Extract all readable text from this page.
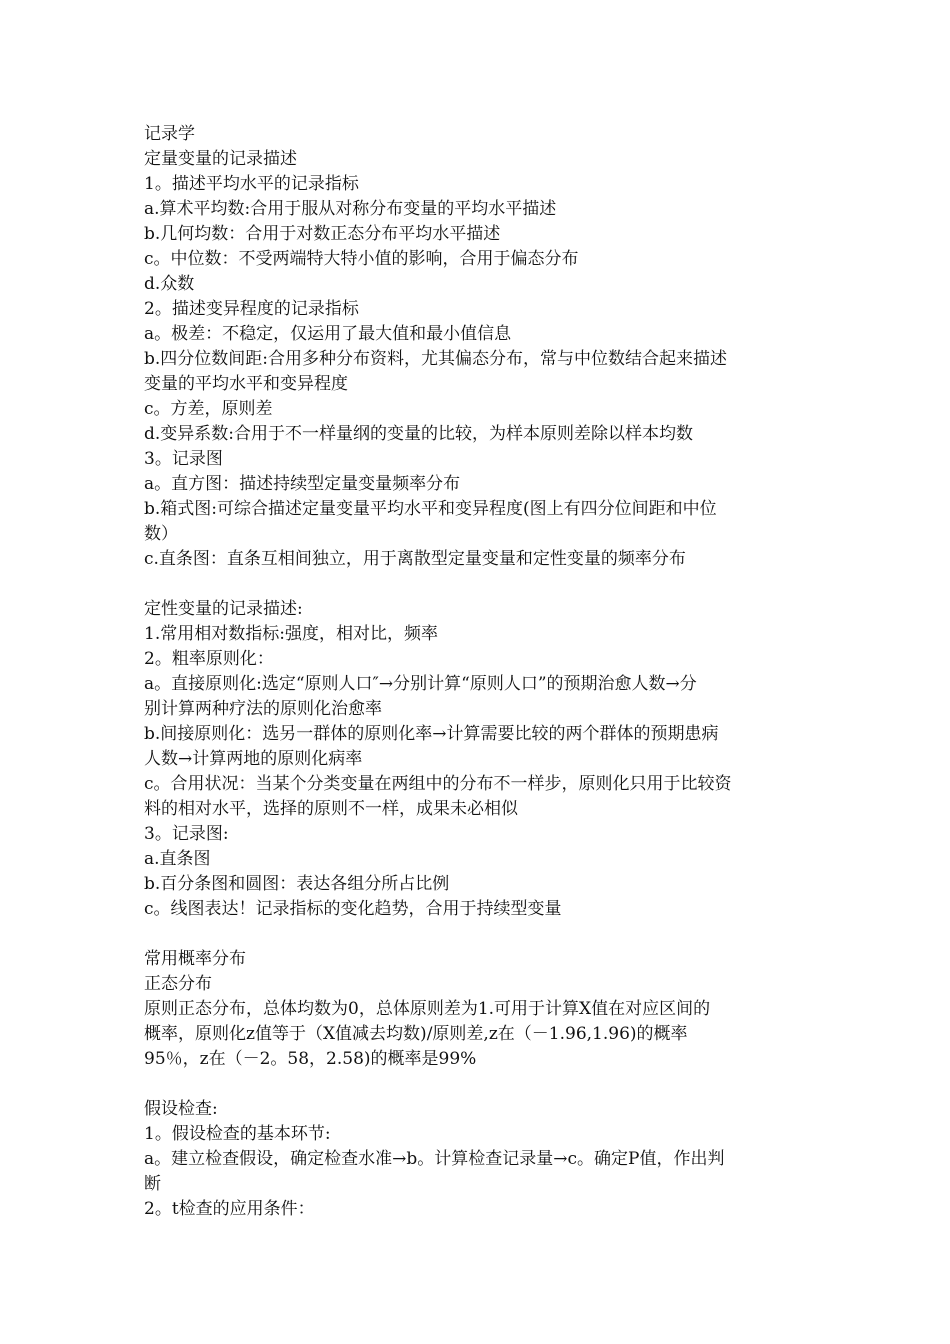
记录学
定量变量的记录描述
1。描述平均水平的记录指标
a.算术平均数:合用于服从对称分布变量的平均水平描述
b.几何均数：合用于对数正态分布平均水平描述
c。中位数：不受两端特大特小值的影响，合用于偏态分布
d.众数
2。描述变异程度的记录指标
a。极差：不稳定，仅运用了最大值和最小值信息
b.四分位数间距:合用多种分布资料，尤其偏态分布，常与中位数结合起来描述
变量的平均水平和变异程度
c。方差，原则差
d.变异系数:合用于不一样量纲的变量的比较，为样本原则差除以样本均数
3。记录图
a。直方图：描述持续型定量变量频率分布
b.箱式图:可综合描述定量变量平均水平和变异程度(图上有四分位间距和中位
数）
c.直条图：直条互相间独立，用于离散型定量变量和定性变量的频率分布
定性变量的记录描述:
1.常用相对数指标:强度，相对比，频率
2。粗率原则化：
a。直接原则化:选定“原则人口″→分别计算“原则人口”的预期治愈人数→分
别计算两种疗法的原则化治愈率
b.间接原则化：选另一群体的原则化率→计算需要比较的两个群体的预期患病
人数→计算两地的原则化病率
c。合用状况：当某个分类变量在两组中的分布不一样步，原则化只用于比较资
料的相对水平，选择的原则不一样，成果未必相似
3。记录图:
a.直条图
b.百分条图和圆图：表达各组分所占比例
c。线图表达！记录指标的变化趋势，合用于持续型变量
常用概率分布
正态分布
原则正态分布，总体均数为0，总体原则差为1.可用于计算X值在对应区间的
概率，原则化z值等于（X值减去均数)/原则差,z在（－1.96,1.96)的概率
95％，z在（－2。58，2.58)的概率是99%
假设检查:
1。假设检查的基本环节:
a。建立检查假设，确定检查水准→b。计算检查记录量→c。确定P值，作出判
断
2。t检查的应用条件：
